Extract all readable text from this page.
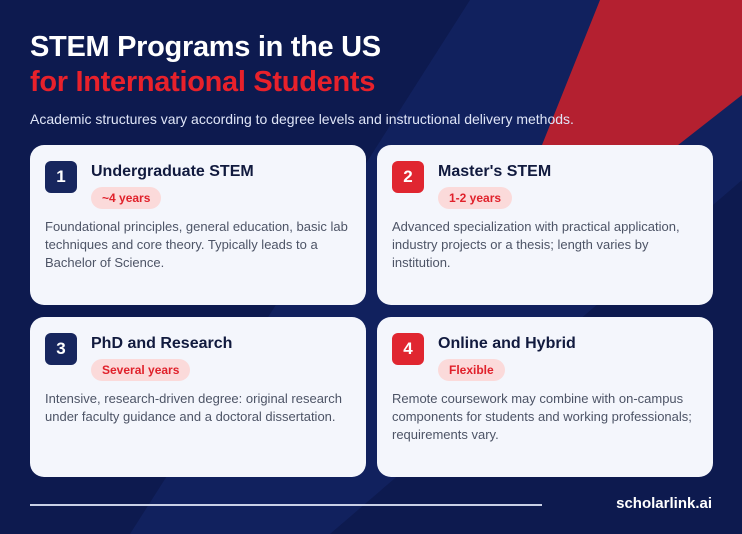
STEM Programs in the US
for International Students
Academic structures vary according to degree levels and instructional delivery methods.
1	Undergraduate STEM
~4 years
Foundational principles, general education, basic lab techniques and core theory. Typically leads to a Bachelor of Science.
2	Master's STEM
1-2 years
Advanced specialization with practical application, industry projects or a thesis; length varies by institution.
3	PhD and Research
Several years
Intensive, research-driven degree: original research under faculty guidance and a doctoral dissertation.
4	Online and Hybrid
Flexible
Remote coursework may combine with on-campus components for students and working professionals; requirements vary.
scholarlink.ai
